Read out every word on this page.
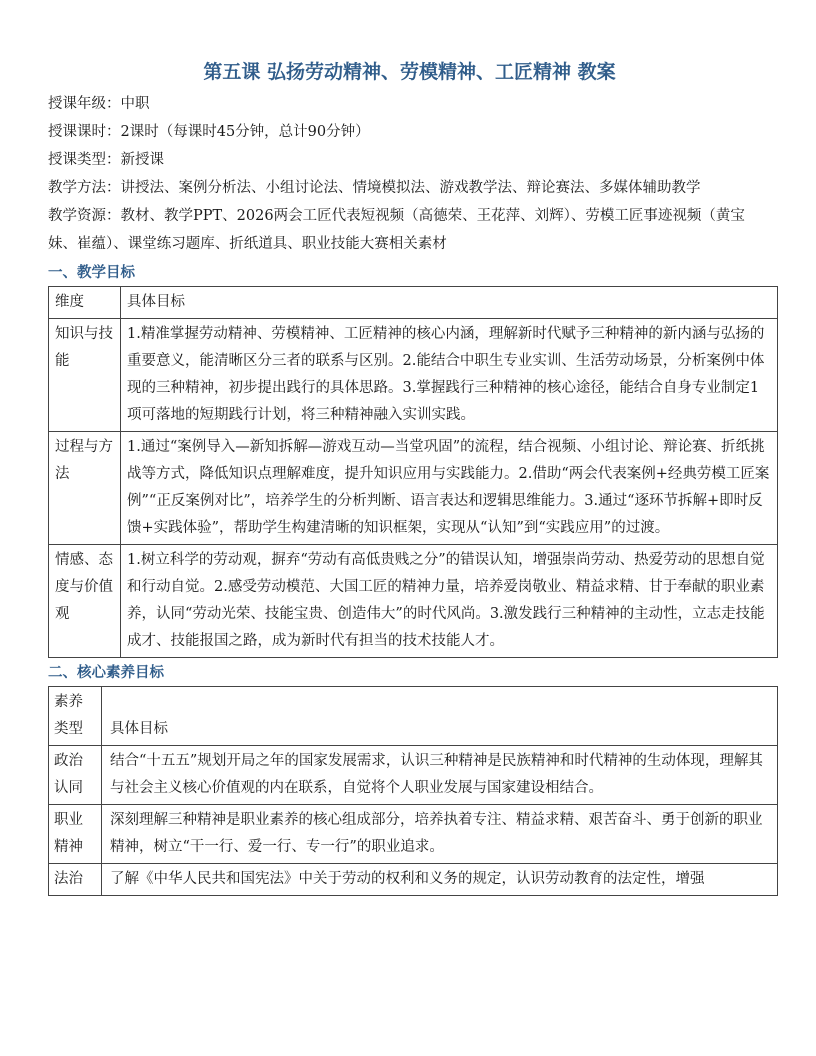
第五课 弘扬劳动精神、劳模精神、工匠精神 教案

授课年级：中职

授课课时：2课时（每课时45分钟，总计90分钟）

授课类型：新授课

教学方法：讲授法、案例分析法、小组讨论法、情境模拟法、游戏教学法、辩论赛法、多媒体辅助教学

教学资源：教材、教学PPT、2026两会工匠代表短视频（高德荣、王花萍、刘辉）、劳模工匠事迹视频（黄宝妹、崔蕴）、课堂练习题库、折纸道具、职业技能大赛相关素材

一、教学目标
维度	具体目标
知识与技能	1.精准掌握劳动精神、劳模精神、工匠精神的核心内涵，理解新时代赋予三种精神的新内涵与弘扬的重要意义，能清晰区分三者的联系与区别。2.能结合中职生专业实训、生活劳动场景，分析案例中体现的三种精神，初步提出践行的具体思路。3.掌握践行三种精神的核心途径，能结合自身专业制定1项可落地的短期践行计划，将三种精神融入实训实践。
过程与方法	1.通过“案例导入—新知拆解—游戏互动—当堂巩固”的流程，结合视频、小组讨论、辩论赛、折纸挑战等方式，降低知识点理解难度，提升知识应用与实践能力。2.借助“两会代表案例+经典劳模工匠案例”“正反案例对比”，培养学生的分析判断、语言表达和逻辑思维能力。3.通过“逐环节拆解+即时反馈+实践体验”，帮助学生构建清晰的知识框架，实现从“认知”到“实践应用”的过渡。
情感、态度与价值观	1.树立科学的劳动观，摒弃“劳动有高低贵贱之分”的错误认知，增强崇尚劳动、热爱劳动的思想自觉和行动自觉。2.感受劳动模范、大国工匠的精神力量，培养爱岗敬业、精益求精、甘于奉献的职业素养，认同“劳动光荣、技能宝贵、创造伟大”的时代风尚。3.激发践行三种精神的主动性，立志走技能成才、技能报国之路，成为新时代有担当的技术技能人才。
二、核心素养目标
素养类型	具体目标
政治认同	结合“十五五”规划开局之年的国家发展需求，认识三种精神是民族精神和时代精神的生动体现，理解其与社会主义核心价值观的内在联系，自觉将个人职业发展与国家建设相结合。
职业精神	深刻理解三种精神是职业素养的核心组成部分，培养执着专注、精益求精、艰苦奋斗、勇于创新的职业精神，树立“干一行、爱一行、专一行”的职业追求。
法治	了解《中华人民共和国宪法》中关于劳动的权利和义务的规定，认识劳动教育的法定性，增强
